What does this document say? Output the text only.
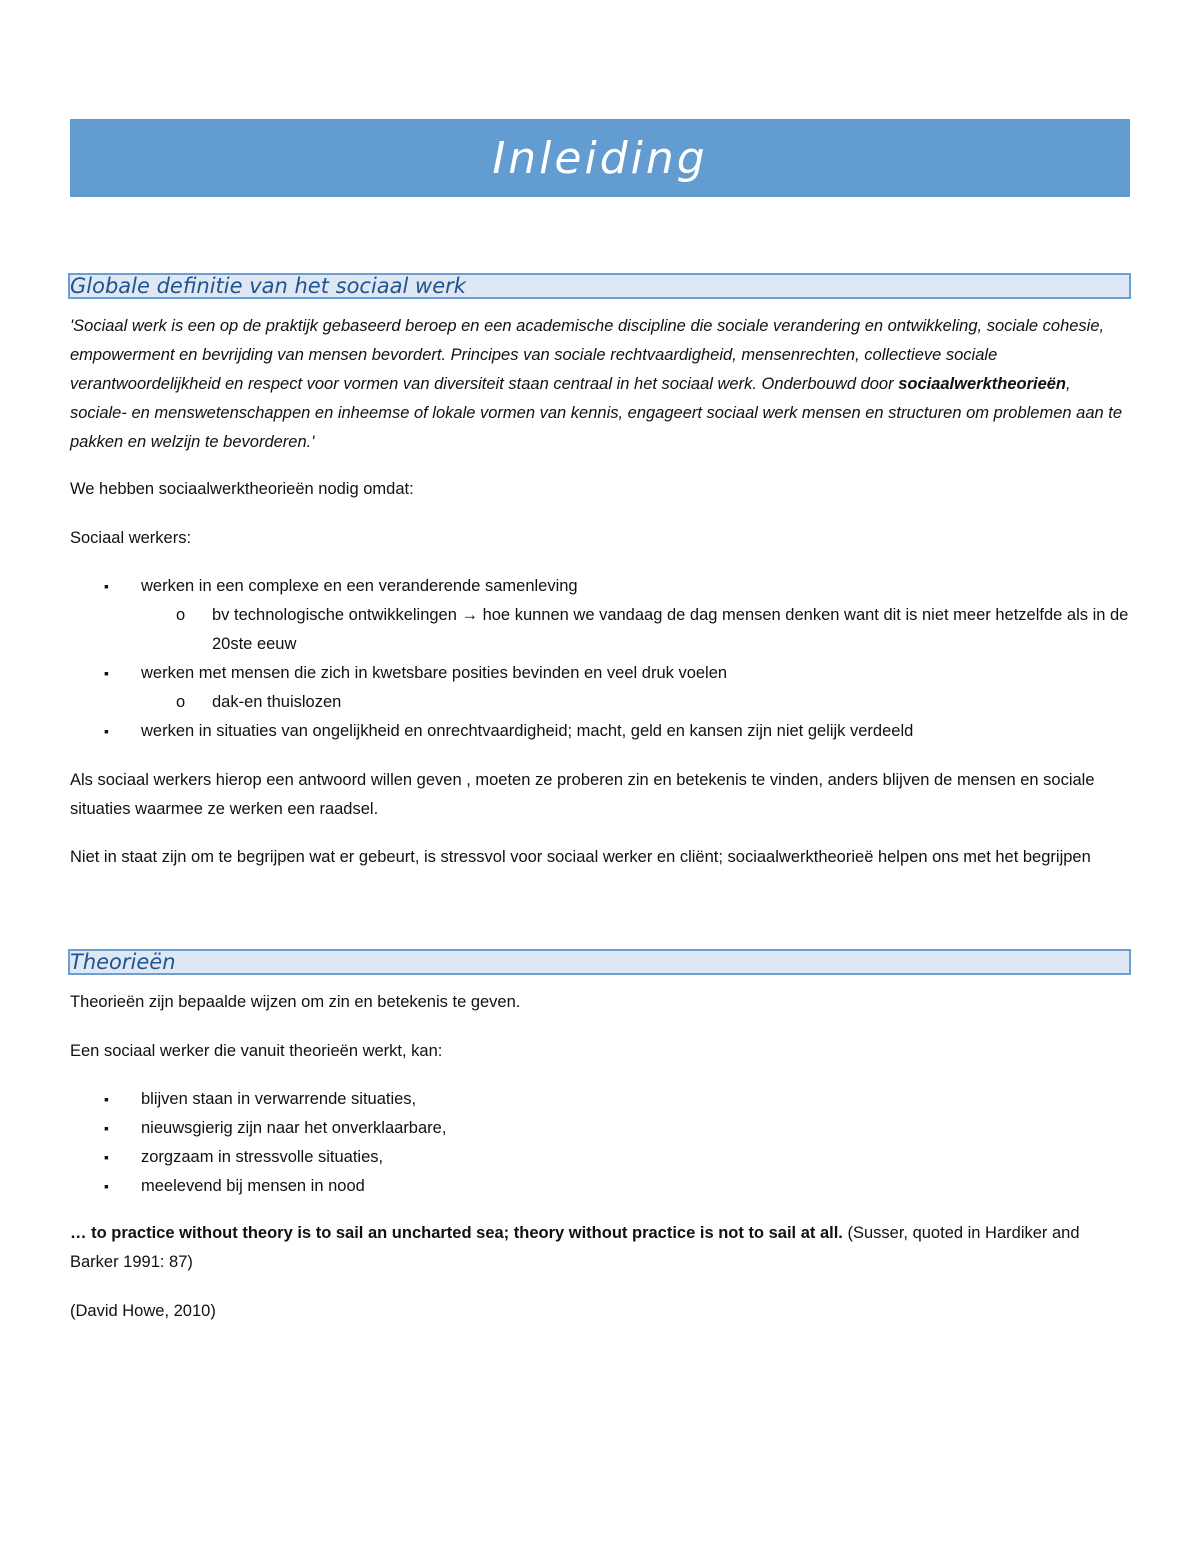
Inleiding
Globale definitie van het sociaal werk

'Sociaal werk is een op de praktijk gebaseerd beroep en een academische discipline die sociale verandering en ontwikkeling, sociale cohesie, empowerment en bevrijding van mensen bevordert. Principes van sociale rechtvaardigheid, mensenrechten, collectieve sociale verantwoordelijkheid en respect voor vormen van diversiteit staan centraal in het sociaal werk. Onderbouwd door sociaalwerktheorieën, sociale- en menswetenschappen en inheemse of lokale vormen van kennis, engageert sociaal werk mensen en structuren om problemen aan te pakken en welzijn te bevorderen.'

We hebben sociaalwerktheorieën nodig omdat:

Sociaal werkers:

▪ werken in een complexe en een veranderende samenleving
o bv technologische ontwikkelingen → hoe kunnen we vandaag de dag mensen denken want dit is niet meer hetzelfde als in de 20ste eeuw
▪ werken met mensen die zich in kwetsbare posities bevinden en veel druk voelen
o dak-en thuislozen
▪ werken in situaties van ongelijkheid en onrechtvaardigheid; macht, geld en kansen zijn niet gelijk verdeeld

Als sociaal werkers hierop een antwoord willen geven , moeten ze proberen zin en betekenis te vinden, anders blijven de mensen en sociale situaties waarmee ze werken een raadsel.

Niet in staat zijn om te begrijpen wat er gebeurt, is stressvol voor sociaal werker en cliënt; sociaalwerktheorieë helpen ons met het begrijpen

Theorieën

Theorieën zijn bepaalde wijzen om zin en betekenis te geven.

Een sociaal werker die vanuit theorieën werkt, kan:

▪ blijven staan in verwarrende situaties,
▪ nieuwsgierig zijn naar het onverklaarbare,
▪ zorgzaam in stressvolle situaties,
▪ meelevend bij mensen in nood

… to practice without theory is to sail an uncharted sea; theory without practice is not to sail at all. (Susser, quoted in Hardiker and Barker 1991: 87)

(David Howe, 2010)
